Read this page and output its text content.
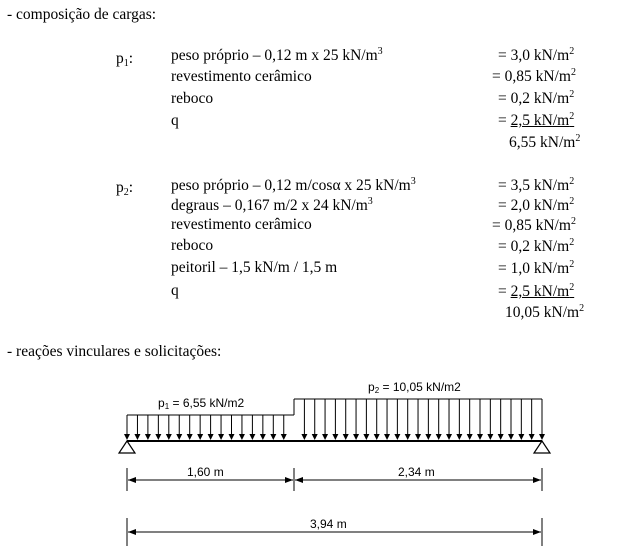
- composição de cargas:
$p_1$: peso próprio – 0,12 m x 25 $kN/m^3$	= 3,0 $kN/m^2$
revestimento cerâmico	= 0,85 $kN/m^2$
reboco	= 0,2 $kN/m^2$
q	= 2,5 $kN/m^2$
6,55 $kN/m^2$
$p_2$: peso próprio – 0,12 m/cosα x 25 $kN/m^3$	= 3,5 $kN/m^2$
degraus – 0,167 m/2 x 24 $kN/m^3$	= 2,0 $kN/m^2$
revestimento cerâmico	= 0,85 $kN/m^2$
reboco	= 0,2 $kN/m^2$
peitoril – 1,5 kN/m / 1,5 m	= 1,0 $kN/m^2$
q	= 2,5 $kN/m^2$
10,05 $kN/m^2$
- reações vinculares e solicitações:
$p_1 = 6,55$ kN/m2
$p_2 = 10,05$ kN/m2
1,60 m	2,34 m
3,94 m
